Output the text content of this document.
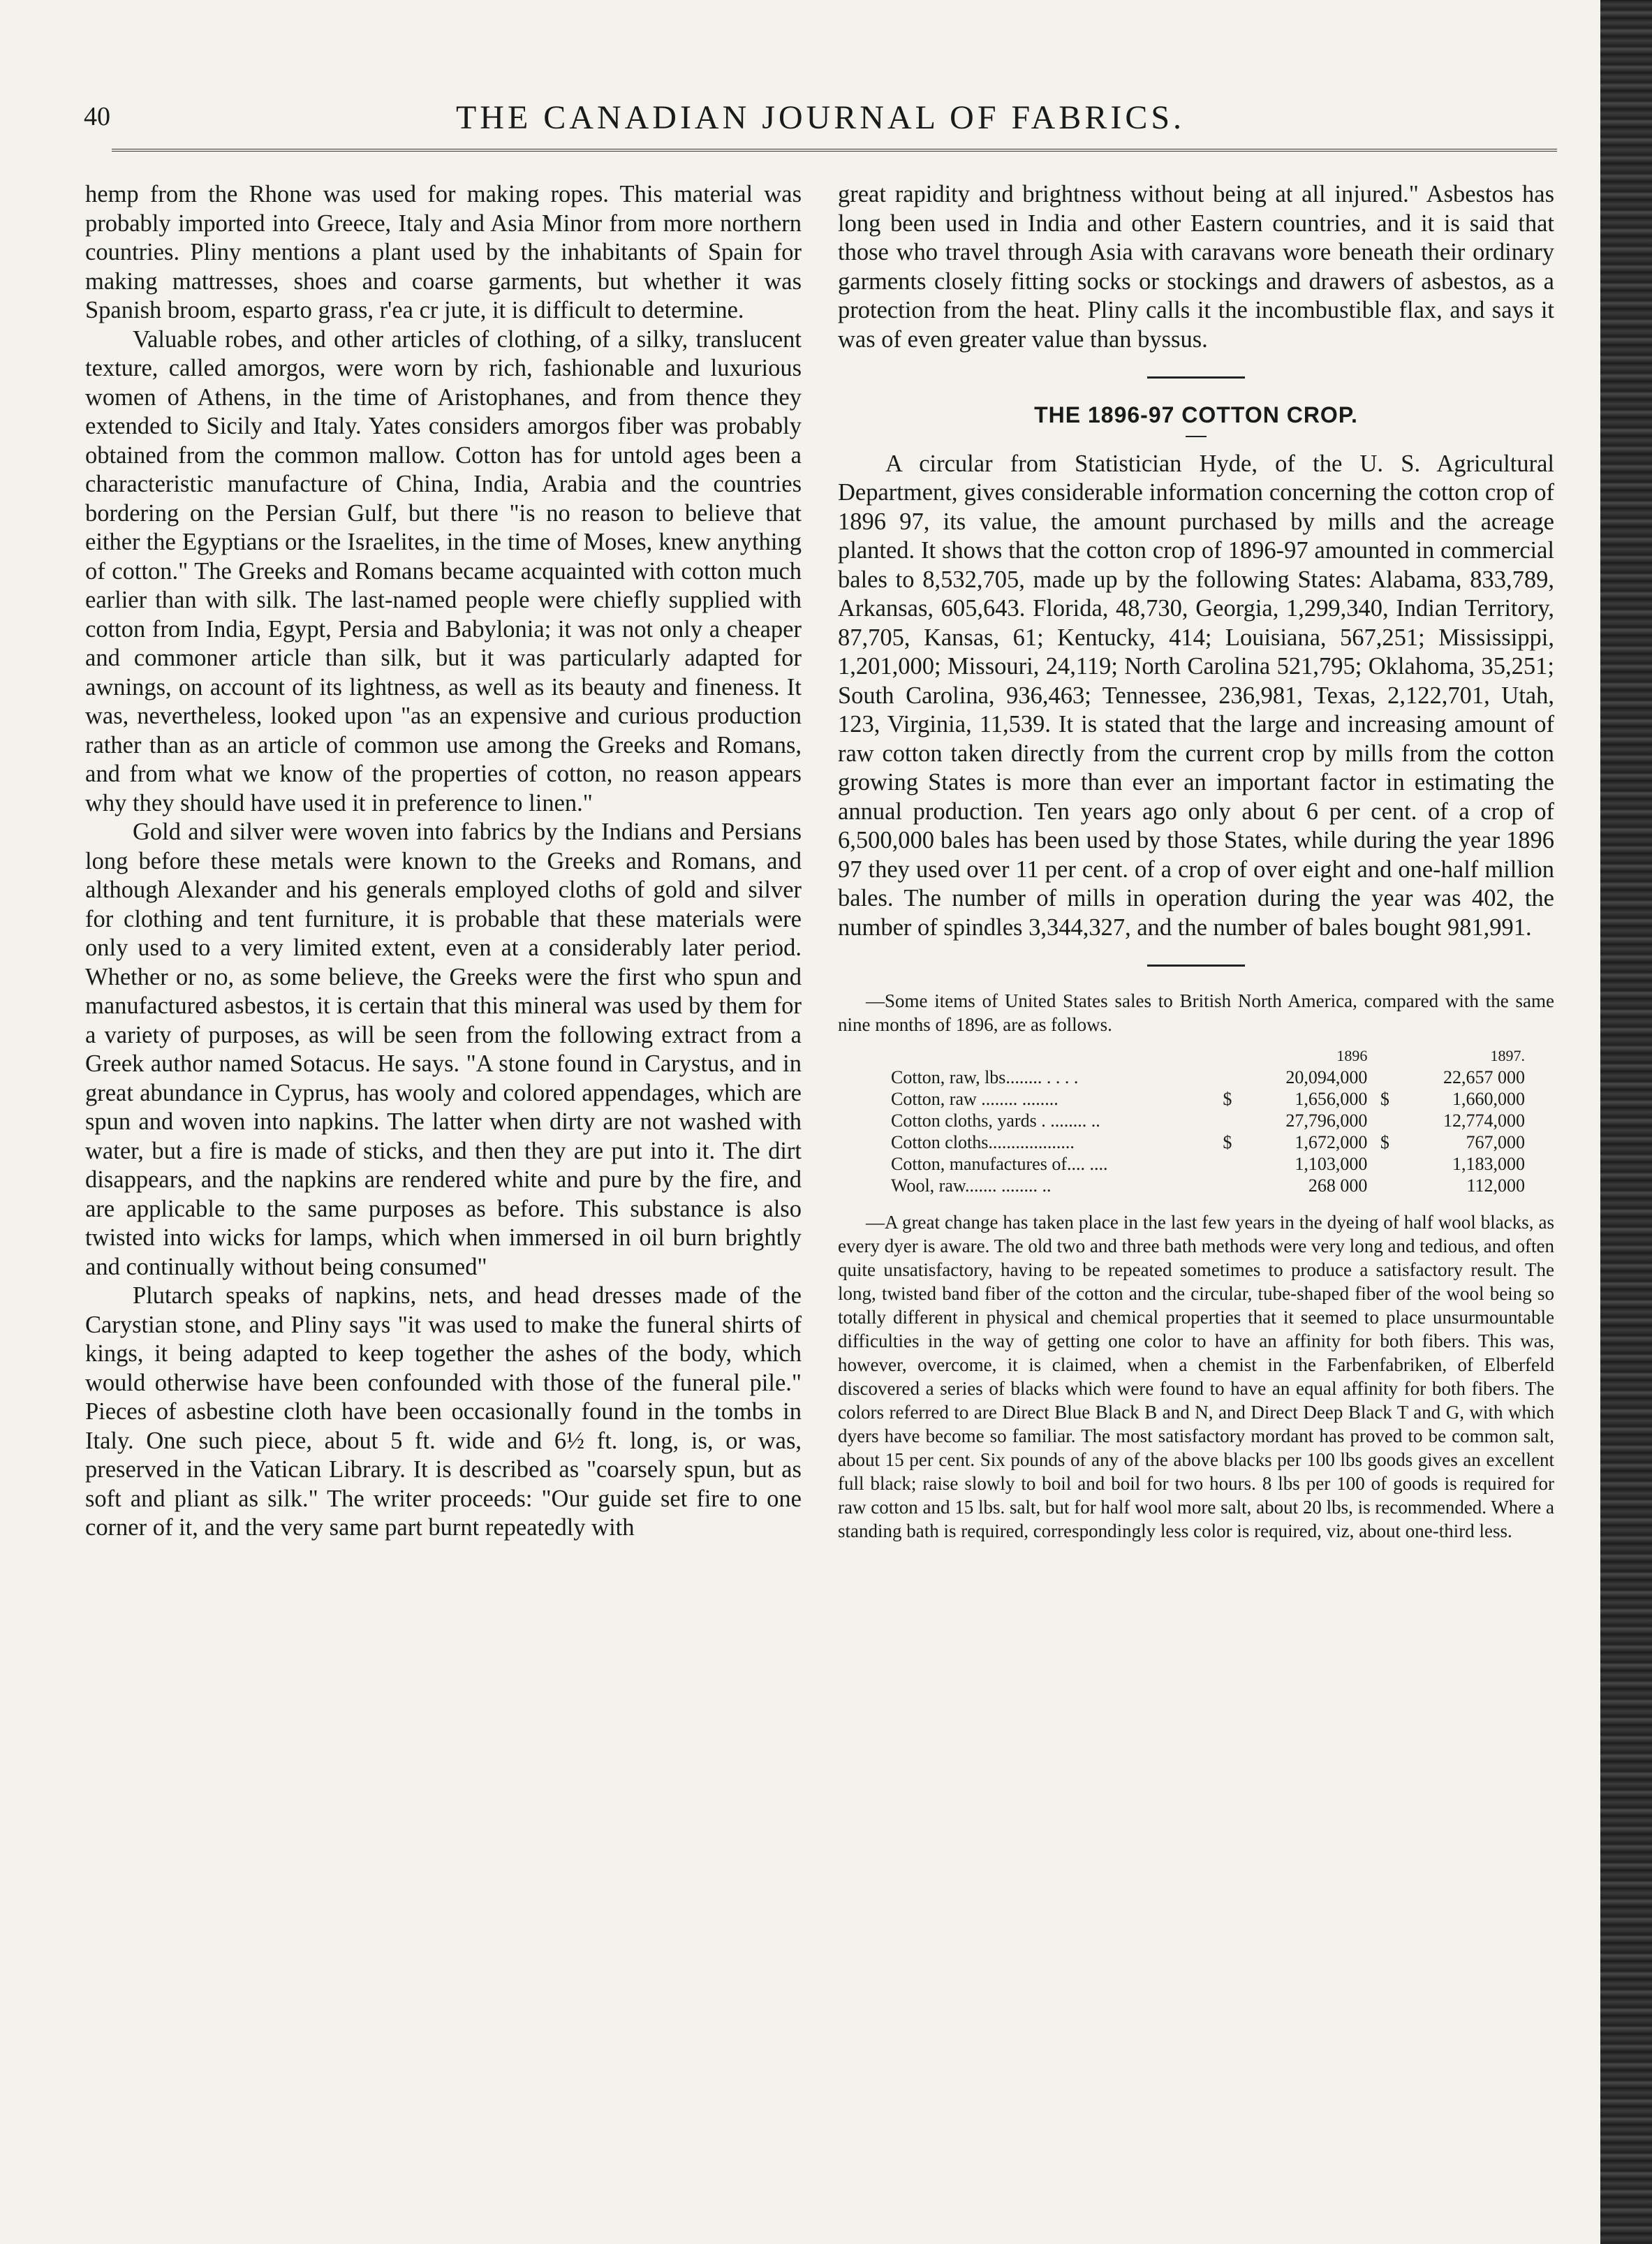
40	THE CANADIAN JOURNAL OF FABRICS.

hemp from the Rhone was used for making ropes. This material was probably imported into Greece, Italy and Asia Minor from more northern countries. Pliny mentions a plant used by the inhabitants of Spain for making mattresses, shoes and coarse garments, but whether it was Spanish broom, esparto grass, r'ea cr jute, it is difficult to determine.

Valuable robes, and other articles of clothing, of a silky, translucent texture, called amorgos, were worn by rich, fashionable and luxurious women of Athens, in the time of Aristophanes, and from thence they extended to Sicily and Italy. Yates considers amorgos fiber was probably obtained from the common mallow. Cotton has for untold ages been a characteristic manufacture of China, India, Arabia and the countries bordering on the Persian Gulf, but there "is no reason to believe that either the Egyptians or the Israelites, in the time of Moses, knew anything of cotton." The Greeks and Romans became acquainted with cotton much earlier than with silk. The last-named people were chiefly supplied with cotton from India, Egypt, Persia and Babylonia; it was not only a cheaper and commoner article than silk, but it was particularly adapted for awnings, on account of its lightness, as well as its beauty and fineness. It was, nevertheless, looked upon "as an expensive and curious production rather than as an article of common use among the Greeks and Romans, and from what we know of the properties of cotton, no reason appears why they should have used it in preference to linen."

Gold and silver were woven into fabrics by the Indians and Persians long before these metals were known to the Greeks and Romans, and although Alexander and his generals employed cloths of gold and silver for clothing and tent furniture, it is probable that these materials were only used to a very limited extent, even at a considerably later period. Whether or no, as some believe, the Greeks were the first who spun and manufactured asbestos, it is certain that this mineral was used by them for a variety of purposes, as will be seen from the following extract from a Greek author named Sotacus. He says. "A stone found in Carystus, and in great abundance in Cyprus, has wooly and colored appendages, which are spun and woven into napkins. The latter when dirty are not washed with water, but a fire is made of sticks, and then they are put into it. The dirt disappears, and the napkins are rendered white and pure by the fire, and are applicable to the same purposes as before. This substance is also twisted into wicks for lamps, which when immersed in oil burn brightly and continually without being consumed"

Plutarch speaks of napkins, nets, and head dresses made of the Carystian stone, and Pliny says "it was used to make the funeral shirts of kings, it being adapted to keep together the ashes of the body, which would otherwise have been confounded with those of the funeral pile." Pieces of asbestine cloth have been occasionally found in the tombs in Italy. One such piece, about 5 ft. wide and 6½ ft. long, is, or was, preserved in the Vatican Library. It is described as "coarsely spun, but as soft and pliant as silk." The writer proceeds: "Our guide set fire to one corner of it, and the very same part burnt repeatedly with

great rapidity and brightness without being at all injured." Asbestos has long been used in India and other Eastern countries, and it is said that those who travel through Asia with caravans wore beneath their ordinary garments closely fitting socks or stockings and drawers of asbestos, as a protection from the heat. Pliny calls it the incombustible flax, and says it was of even greater value than byssus.

THE 1896-97 COTTON CROP.

A circular from Statistician Hyde, of the U. S. Agricultural Department, gives considerable information concerning the cotton crop of 1896 97, its value, the amount purchased by mills and the acreage planted. It shows that the cotton crop of 1896-97 amounted in commercial bales to 8,532,705, made up by the following States: Alabama, 833,789, Arkansas, 605,643. Florida, 48,730, Georgia, 1,299,340, Indian Territory, 87,705, Kansas, 61; Kentucky, 414; Louisiana, 567,251; Mississippi, 1,201,000; Missouri, 24,119; North Carolina 521,795; Oklahoma, 35,251; South Carolina, 936,463; Tennessee, 236,981, Texas, 2,122,701, Utah, 123, Virginia, 11,539. It is stated that the large and increasing amount of raw cotton taken directly from the current crop by mills from the cotton growing States is more than ever an important factor in estimating the annual production. Ten years ago only about 6 per cent. of a crop of 6,500,000 bales has been used by those States, while during the year 1896 97 they used over 11 per cent. of a crop of over eight and one-half million bales. The number of mills in operation during the year was 402, the number of spindles 3,344,327, and the number of bales bought 981,991.

—Some items of United States sales to British North America, compared with the same nine months of 1896, are as follows.

	1896		1897.	
Cotton, raw, lbs........ . . . .		20,094,000		22,657 000
Cotton, raw ........ ........	$	1,656,000	$	1,660,000
Cotton cloths, yards . ........ ..		27,796,000		12,774,000
Cotton cloths...................	$	1,672,000	$	767,000
Cotton, manufactures of.... ....		1,103,000		1,183,000
Wool, raw....... ........ ..		268 000		112,000

—A great change has taken place in the last few years in the dyeing of half wool blacks, as every dyer is aware. The old two and three bath methods were very long and tedious, and often quite unsatisfactory, having to be repeated sometimes to produce a satisfactory result. The long, twisted band fiber of the cotton and the circular, tube-shaped fiber of the wool being so totally different in physical and chemical properties that it seemed to place unsurmountable difficulties in the way of getting one color to have an affinity for both fibers. This was, however, overcome, it is claimed, when a chemist in the Farbenfabriken, of Elberfeld discovered a series of blacks which were found to have an equal affinity for both fibers. The colors referred to are Direct Blue Black B and N, and Direct Deep Black T and G, with which dyers have become so familiar. The most satisfactory mordant has proved to be common salt, about 15 per cent. Six pounds of any of the above blacks per 100 lbs goods gives an excellent full black; raise slowly to boil and boil for two hours. 8 lbs per 100 of goods is required for raw cotton and 15 lbs. salt, but for half wool more salt, about 20 lbs, is recommended. Where a standing bath is required, correspondingly less color is required, viz, about one-third less.
